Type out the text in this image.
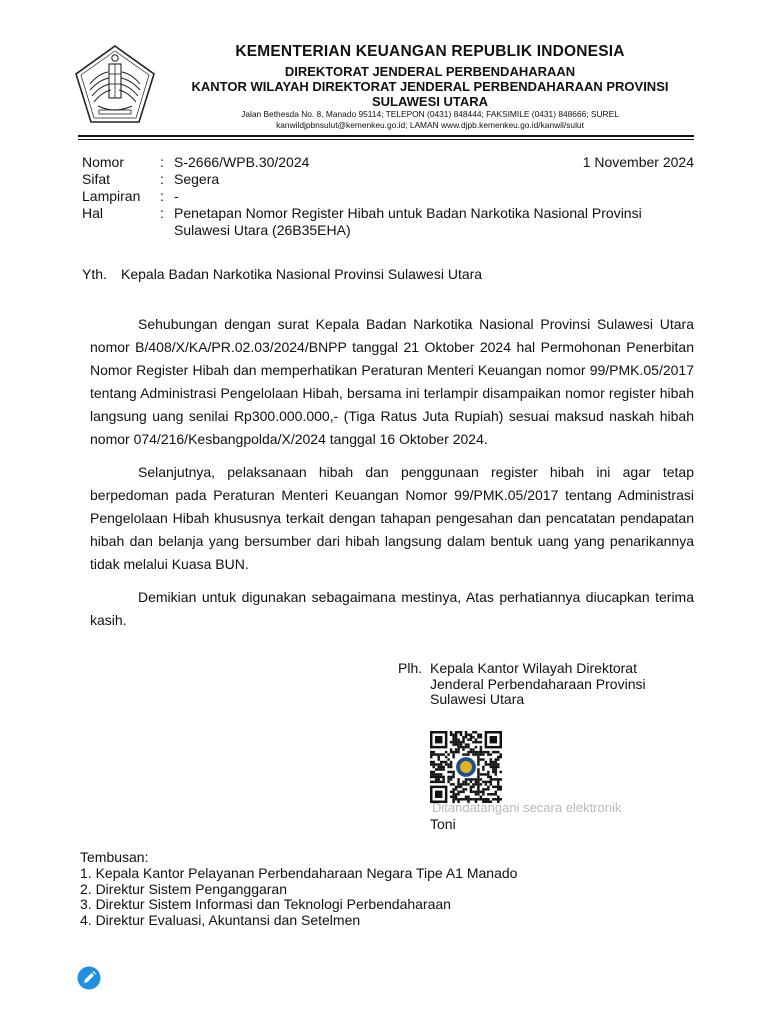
KEMENTERIAN KEUANGAN REPUBLIK INDONESIA
DIREKTORAT JENDERAL PERBENDAHARAAN
KANTOR WILAYAH DIREKTORAT JENDERAL PERBENDAHARAAN PROVINSI
SULAWESI UTARA
Jalan Bethesda No. 8, Manado 95114; TELEPON (0431) 848444; FAKSIMILE (0431) 848666; SUREL
kanwildjpbnsulut@kemenkeu.go.id; LAMAN www.djpb.kemenkeu.go.id/kanwil/sulut
Nomor	: S-2666/WPB.30/2024	1 November 2024
Sifat	: Segera
Lampiran : -
Hal	: Penetapan Nomor Register Hibah untuk Badan Narkotika Nasional Provinsi
Sulawesi Utara (26B35EHA)
Yth. Kepala Badan Narkotika Nasional Provinsi Sulawesi Utara

Sehubungan dengan surat Kepala Badan Narkotika Nasional Provinsi Sulawesi Utara nomor B/408/X/KA/PR.02.03/2024/BNPP tanggal 21 Oktober 2024 hal Permohonan Penerbitan Nomor Register Hibah dan memperhatikan Peraturan Menteri Keuangan nomor 99/PMK.05/2017 tentang Administrasi Pengelolaan Hibah, bersama ini terlampir disampaikan nomor register hibah langsung uang senilai Rp300.000.000,- (Tiga Ratus Juta Rupiah) sesuai maksud naskah hibah nomor 074/216/Kesbangpolda/X/2024 tanggal 16 Oktober 2024.

Selanjutnya, pelaksanaan hibah dan penggunaan register hibah ini agar tetap berpedoman pada Peraturan Menteri Keuangan Nomor 99/PMK.05/2017 tentang Administrasi Pengelolaan Hibah khususnya terkait dengan tahapan pengesahan dan pencatatan pendapatan hibah dan belanja yang bersumber dari hibah langsung dalam bentuk uang yang penarikannya tidak melalui Kuasa BUN.

Demikian untuk digunakan sebagaimana mestinya, Atas perhatiannya diucapkan terima kasih.

Plh. Kepala Kantor Wilayah Direktorat
Jenderal Perbendaharaan Provinsi
Sulawesi Utara
Ditandatangani secara elektronik
Toni
Tembusan:
1. Kepala Kantor Pelayanan Perbendaharaan Negara Tipe A1 Manado
2. Direktur Sistem Penganggaran
3. Direktur Sistem Informasi dan Teknologi Perbendaharaan
4. Direktur Evaluasi, Akuntansi dan Setelmen
